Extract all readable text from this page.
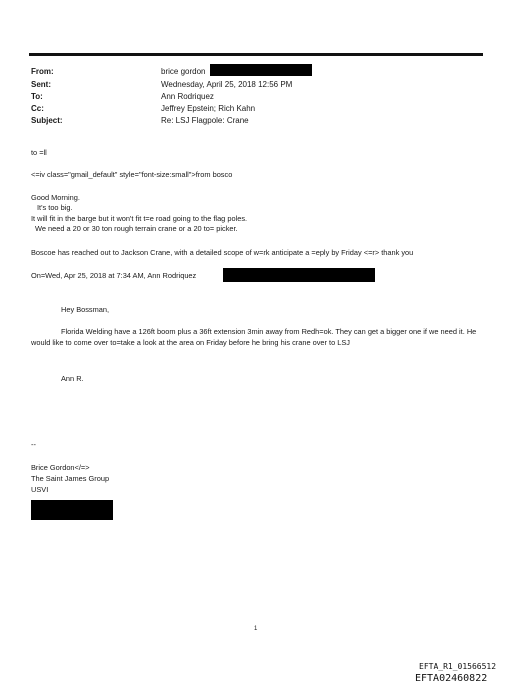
From:	brice gordon
Sent:	Wednesday, April 25, 2018 12:56 PM
To:	Ann Rodriquez
Cc:	Jeffrey Epstein; Rich Kahn
Subject:	Re: LSJ Flagpole: Crane
to =ll
<=iv class="gmail_default" style="font-size:small">from bosco
Good Morning.
It's too big.
It will fit in the barge but it won't fit t=e road going to the flag poles.
We need a 20 or 30 ton rough terrain crane or a 20 to= picker.
Boscoe has reached out to Jackson Crane, with a detailed scope of w=rk anticipate a =eply by Friday <=r> thank you
On=Wed, Apr 25, 2018 at 7:34 AM, Ann Rodriquez
Hey Bossman,
Florida Welding have a 126ft boom plus a 36ft extension 3min away from Redh=ok. They can get a bigger one if we need it. He would like to come over to=take a look at the area on Friday before he bring his crane over to LSJ
Ann R.
--
Brice Gordon</=>
The Saint James Group
USVI
1
EFTA_R1_01566512
EFTA02460822
